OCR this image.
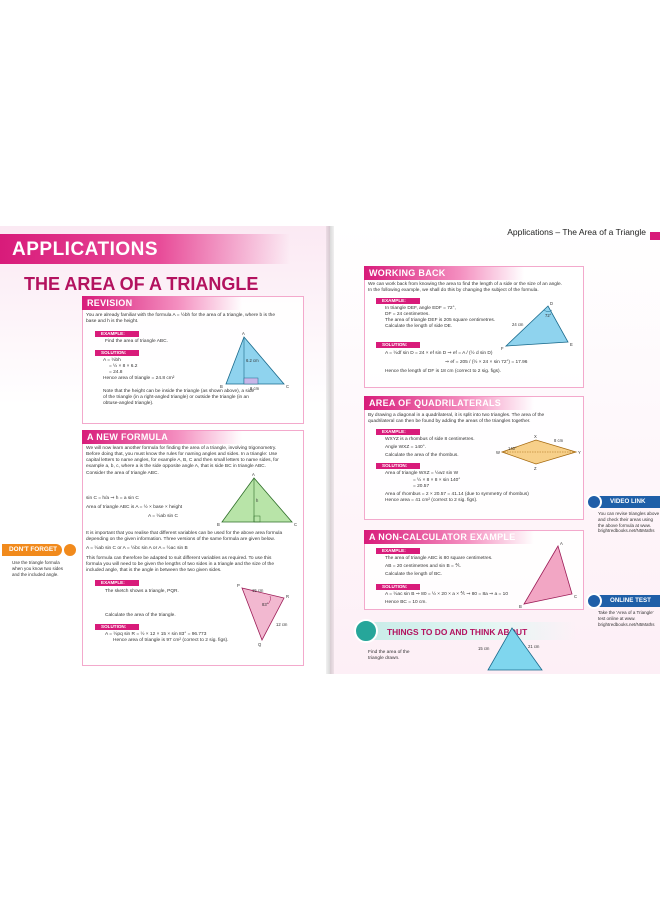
APPLICATIONS
THE AREA OF A TRIANGLE
Applications – The Area of a Triangle
REVISION
You are already familiar with the formula A = ½bh for the area of a triangle, where b is the
base and h is the height.
EXAMPLE:
Find the area of triangle ABC.
SOLUTION:
A = ½bh
= ½ × 8 × 6.2
= 24.8
Hence area of triangle = 24.8 cm²
Note that the height can be inside the triangle (as shown above), a side
of the triangle (in a right-angled triangle) or outside the triangle (in an
obtuse-angled triangle).
A
B	C
6.2 cm
8 cm
A NEW FORMULA
We will now learn another formula for finding the area of a triangle, involving trigonometry.
Before doing that, you must know the rules for naming angles and sides. In a triangle: Use
capital letters to name angles, for example A, B, C and then small letters to name sides, for
example a, b, c, where a is the side opposite angle A, that is side BC in triangle ABC.
Consider the area of triangle ABC.
sin C = h/a ⇒ h = a sin C
Area of triangle ABC is A = ½ × base × height
A = ½ab sin C
A
B	C
h
It is important that you realise that different variables can be used for the above area formula
depending on the given information. Three versions of the same formula are given below.
A = ½ab sin C or A = ½bc sin A or A = ½ac sin B
This formula can therefore be adapted to suit different variables as required. To use this
formula you will need to be given the lengths of two sides in a triangle and the size of the
included angle, that is the angle in between the two given sides.
EXAMPLE:
The sketch shows a triangle, PQR.
Calculate the area of the triangle.
SOLUTION:
A = ½pq sin R = ½ × 12 × 15 × sin 83° = 96.773
Hence area of triangle is 97 cm² (correct to 2 sig. figs).
P
R
Q
15 cm
12 cm
83°
DON'T FORGET
Use the triangle formula
when you know two sides
and the included angle.
WORKING BACK
We can work back from knowing the area to find the length of a side or the size of an angle.
In the following example, we shall do this by changing the subject of the formula.
EXAMPLE:
In triangle DEF, angle EDF = 72°,
DF = 24 centimetres.
The area of triangle DEF is 205 square centimetres.
Calculate the length of side DE.
SOLUTION:
A = ½df sin D = 24 × ef sin D ⇒ ef = A / (½ d sin D)
⇒ ef = 205 / (½ × 24 × sin 72°) = 17.96
Hence the length of DF is 18 cm (correct to 2 sig. figs).
D
F
E
72°
24 cm
AREA OF QUADRILATERALS
By drawing a diagonal in a quadrilateral, it is split into two triangles. The area of the
quadrilateral can then be found by adding the areas of the triangles together.
EXAMPLE:
WXYZ is a rhombus of side 8 centimetres.
Angle WXZ = 140°.
Calculate the area of the rhombus.
SOLUTION:
Area of triangle WXZ = ½wz sin W
= ½ × 8 × 8 × sin 140°
= 20.57
Area of rhombus = 2 × 20.57 = 41.14 (due to symmetry of rhombus)
Hence area = 41 cm² (correct to 2 sig. figs).
W
X
Y
Z
8 cm
140°
A NON-CALCULATOR EXAMPLE
EXAMPLE:
The area of triangle ABC is 80 square centimetres.
AB = 20 centimetres and sin B = ⅘.
Calculate the length of BC.
SOLUTION:
A = ½ac sin B ⇒ 80 = ½ × 20 × a × ⅘ ⇒ 80 = 8a ⇒ a = 10
Hence BC = 10 cm.
A
B
C
THINGS TO DO AND THINK ABOUT
Find the area of the
triangle drawn.
15 cm	21 cm
VIDEO LINK
You can revise triangles above
and check their areas using
the above formula at www.
brightredbooks.net/N5Maths
ONLINE TEST
Take the 'Area of a Triangle'
test online at www.
brightredbooks.net/N5Maths
